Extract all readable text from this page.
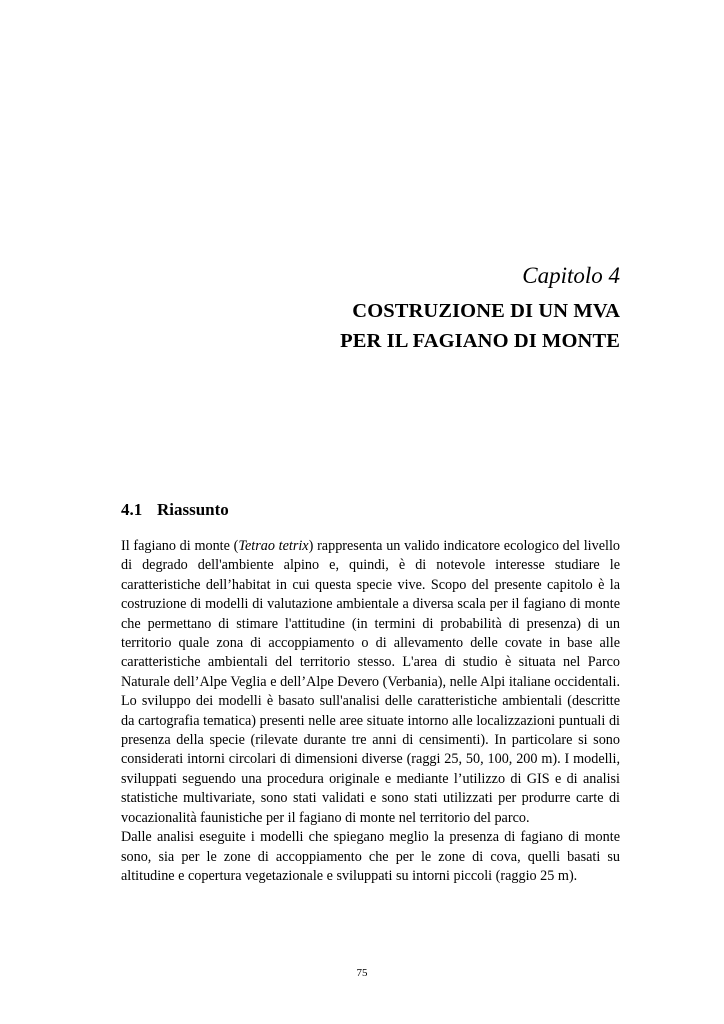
Capitolo 4
COSTRUZIONE DI UN MVA
PER IL FAGIANO DI MONTE
4.1 Riassunto

Il fagiano di monte (Tetrao tetrix) rappresenta un valido indicatore ecologico del livello di degrado dell'ambiente alpino e, quindi, è di notevole interesse studiare le caratteristiche dell’habitat in cui questa specie vive. Scopo del presente capitolo è la costruzione di modelli di valutazione ambientale a diversa scala per il fagiano di monte che permettano di stimare l'attitudine (in termini di probabilità di presenza) di un territorio quale zona di accoppiamento o di allevamento delle covate in base alle caratteristiche ambientali del territorio stesso. L'area di studio è situata nel Parco Naturale dell’Alpe Veglia e dell’Alpe Devero (Verbania), nelle Alpi italiane occidentali. Lo sviluppo dei modelli è basato sull'analisi delle caratteristiche ambientali (descritte da cartografia tematica) presenti nelle aree situate intorno alle localizzazioni puntuali di presenza della specie (rilevate durante tre anni di censimenti). In particolare si sono considerati intorni circolari di dimensioni diverse (raggi 25, 50, 100, 200 m). I modelli, sviluppati seguendo una procedura originale e mediante l’utilizzo di GIS e di analisi statistiche multivariate, sono stati validati e sono stati utilizzati per produrre carte di vocazionalità faunistiche per il fagiano di monte nel territorio del parco.

Dalle analisi eseguite i modelli che spiegano meglio la presenza di fagiano di monte sono, sia per le zone di accoppiamento che per le zone di cova, quelli basati su altitudine e copertura vegetazionale e sviluppati su intorni piccoli (raggio 25 m).

75
